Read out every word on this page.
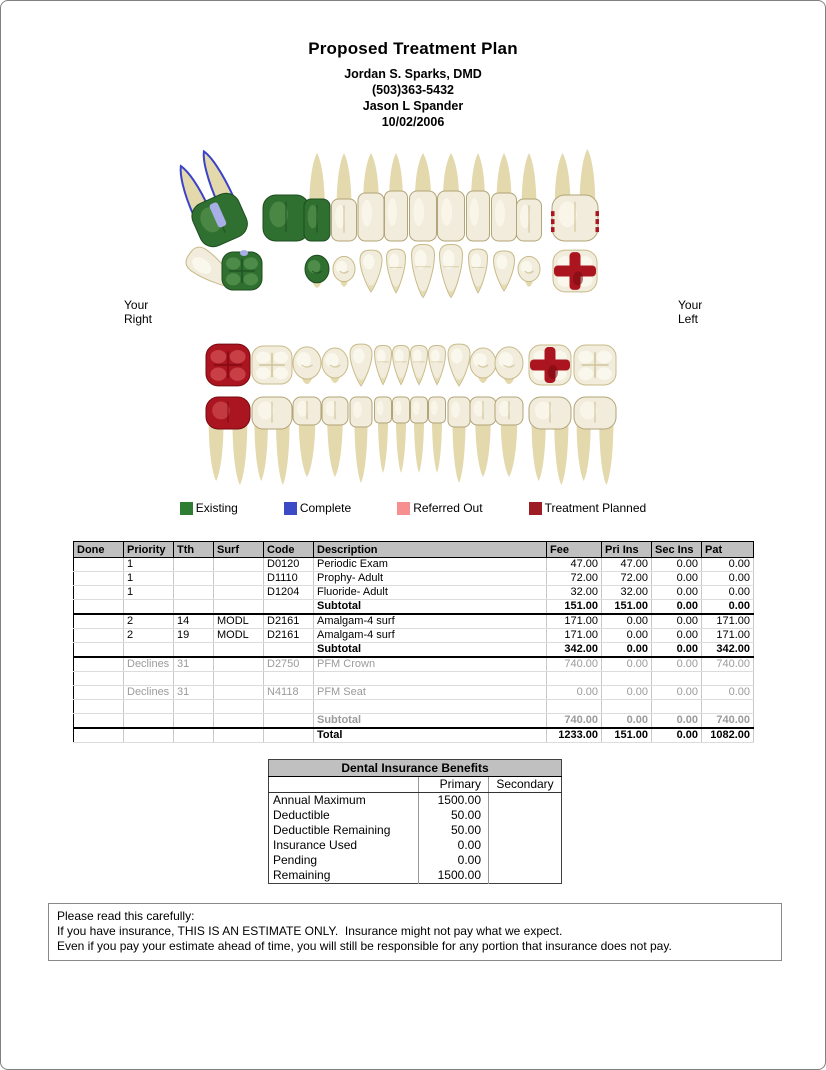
Proposed Treatment Plan
Jordan S. Sparks, DMD
(503)363-5432
Jason L Spander
10/02/2006
Your
Right
Your
Left
Existing	Complete	Referred Out	Treatment Planned
Done	Priority	Tth	Surf	Code	Description	Fee	Pri Ins	Sec Ins	Pat
	1			D0120	Periodic Exam	47.00	47.00	0.00	0.00
	1			D1110	Prophy- Adult	72.00	72.00	0.00	0.00
	1			D1204	Fluoride- Adult	32.00	32.00	0.00	0.00
					Subtotal	151.00	151.00	0.00	0.00
	2	14	MODL	D2161	Amalgam-4 surf	171.00	0.00	0.00	171.00
	2	19	MODL	D2161	Amalgam-4 surf	171.00	0.00	0.00	171.00
					Subtotal	342.00	0.00	0.00	342.00
	Declines	31		D2750	PFM Crown	740.00	0.00	0.00	740.00

	Declines	31		N4118	PFM Seat	0.00	0.00	0.00	0.00

					Subtotal	740.00	0.00	0.00	740.00
					Total	1233.00	151.00	0.00	1082.00
Dental Insurance Benefits		
	Primary	Secondary
Annual Maximum	1500.00	
Deductible	50.00	
Deductible Remaining	50.00	
Insurance Used	0.00	
Pending	0.00	
Remaining	1500.00	
Please read this carefully:
If you have insurance, THIS IS AN ESTIMATE ONLY.  Insurance might not pay what we expect.
Even if you pay your estimate ahead of time, you will still be responsible for any portion that insurance does not pay.
